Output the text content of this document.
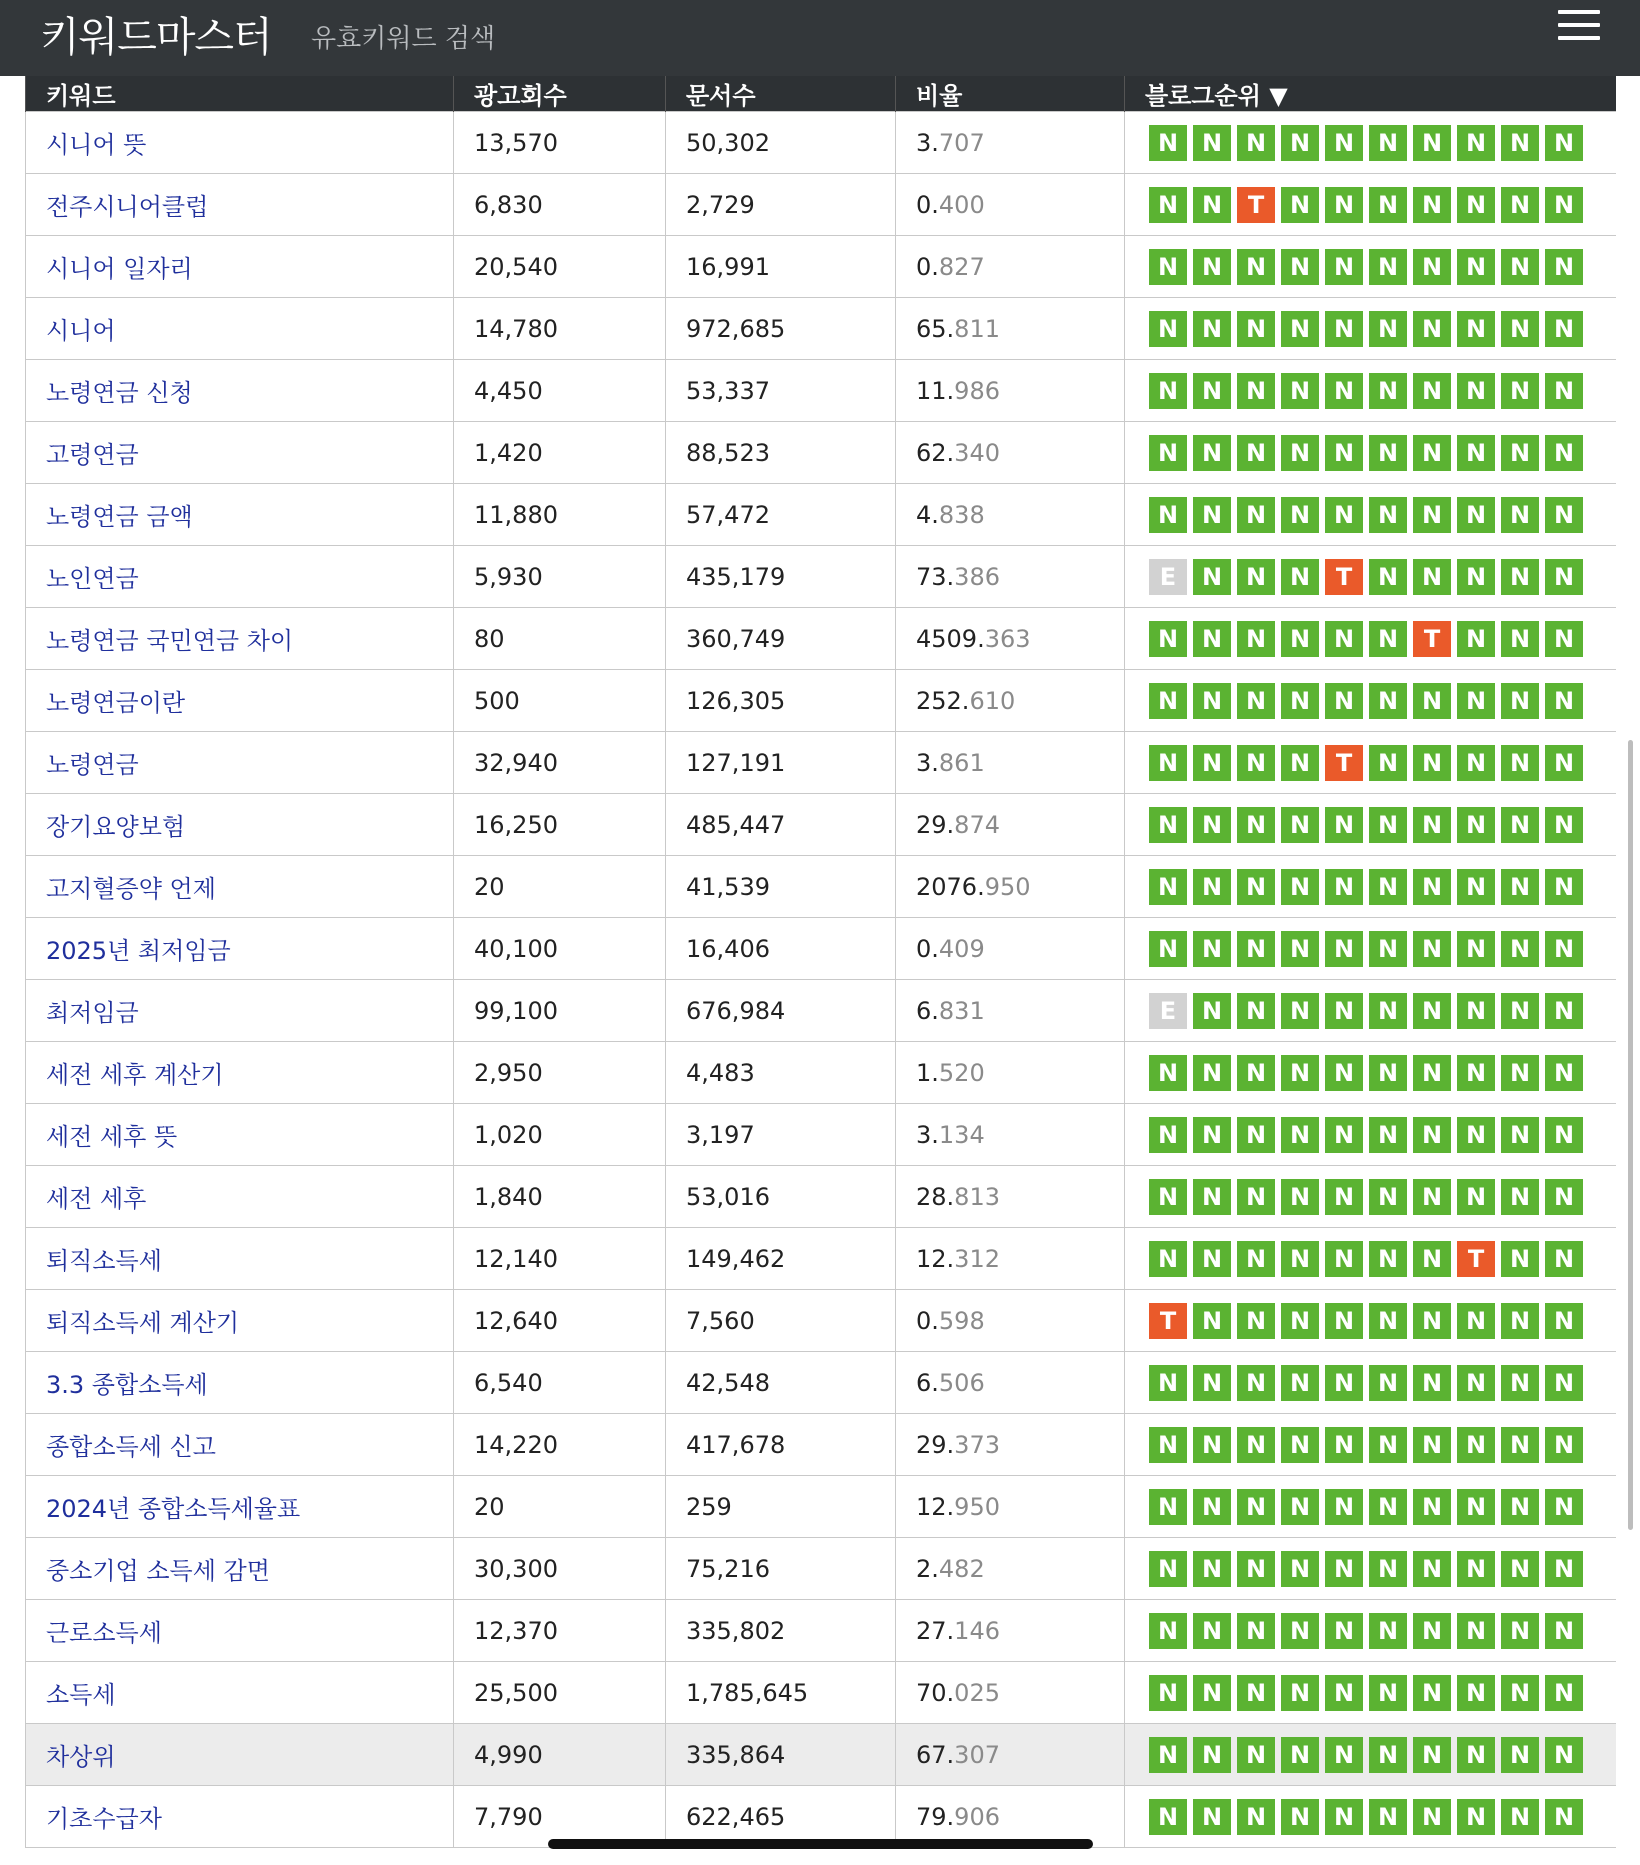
키워드마스터 유효키워드 검색

키워드	광고회수	문서수	비율	블로그순위 ▼
시니어 뜻	13,570	50,302	3.707	N N N N N N N N N N
전주시니어클럽	6,830	2,729	0.400	N N T N N N N N N N
시니어 일자리	20,540	16,991	0.827	N N N N N N N N N N
시니어	14,780	972,685	65.811	N N N N N N N N N N
노령연금 신청	4,450	53,337	11.986	N N N N N N N N N N
고령연금	1,420	88,523	62.340	N N N N N N N N N N
노령연금 금액	11,880	57,472	4.838	N N N N N N N N N N
노인연금	5,930	435,179	73.386	E N N N T N N N N N
노령연금 국민연금 차이	80	360,749	4509.363	N N N N N N T N N N
노령연금이란	500	126,305	252.610	N N N N N N N N N N
노령연금	32,940	127,191	3.861	N N N N T N N N N N
장기요양보험	16,250	485,447	29.874	N N N N N N N N N N
고지혈증약 언제	20	41,539	2076.950	N N N N N N N N N N
2025년 최저임금	40,100	16,406	0.409	N N N N N N N N N N
최저임금	99,100	676,984	6.831	E N N N N N N N N N
세전 세후 계산기	2,950	4,483	1.520	N N N N N N N N N N
세전 세후 뜻	1,020	3,197	3.134	N N N N N N N N N N
세전 세후	1,840	53,016	28.813	N N N N N N N N N N
퇴직소득세	12,140	149,462	12.312	N N N N N N N T N N
퇴직소득세 계산기	12,640	7,560	0.598	T N N N N N N N N N
3.3 종합소득세	6,540	42,548	6.506	N N N N N N N N N N
종합소득세 신고	14,220	417,678	29.373	N N N N N N N N N N
2024년 종합소득세율표	20	259	12.950	N N N N N N N N N N
중소기업 소득세 감면	30,300	75,216	2.482	N N N N N N N N N N
근로소득세	12,370	335,802	27.146	N N N N N N N N N N
소득세	25,500	1,785,645	70.025	N N N N N N N N N N
차상위	4,990	335,864	67.307	N N N N N N N N N N
기초수급자	7,790	622,465	79.906	N N N N N N N N N N
